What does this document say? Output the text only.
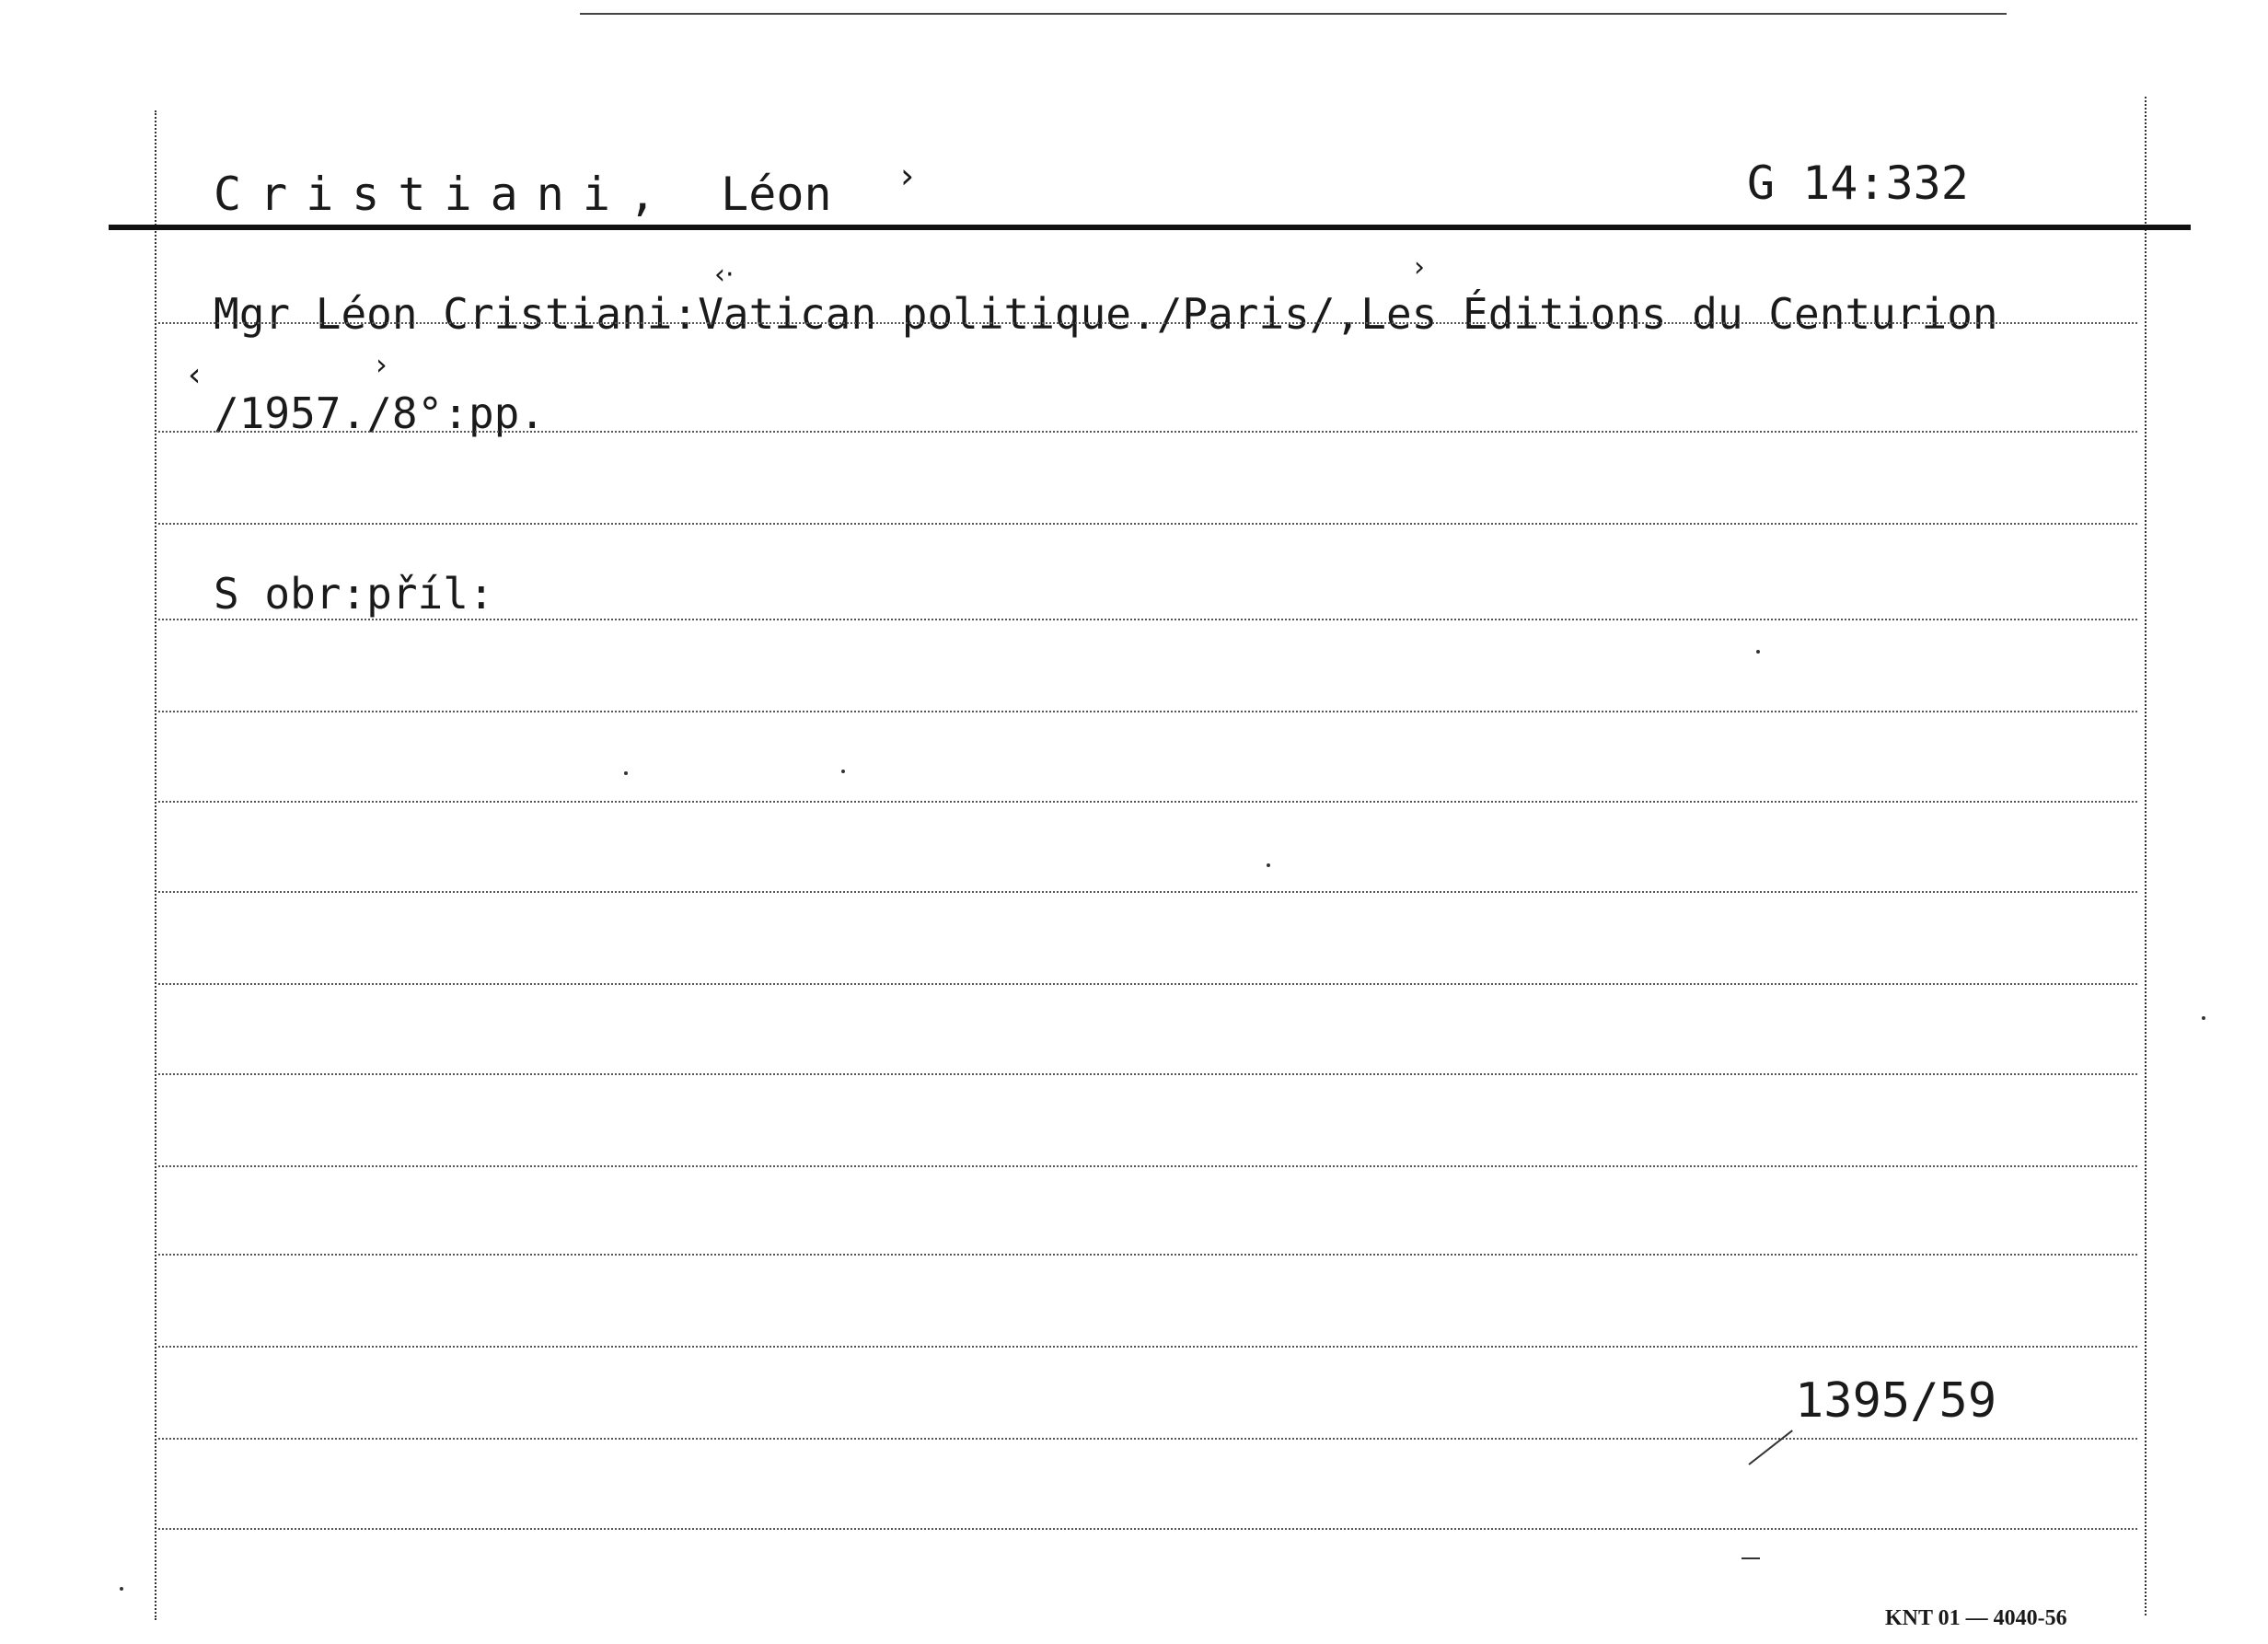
Cristiani, Léon ›	G 14:332
‹·	›
Mgr Léon Cristiani:Vatican politique./Paris/,Les Éditions du Centurion
‹	›
/1957./8°:pp.
S obr:příl:
1395/59
KNT 01 — 4040-56
